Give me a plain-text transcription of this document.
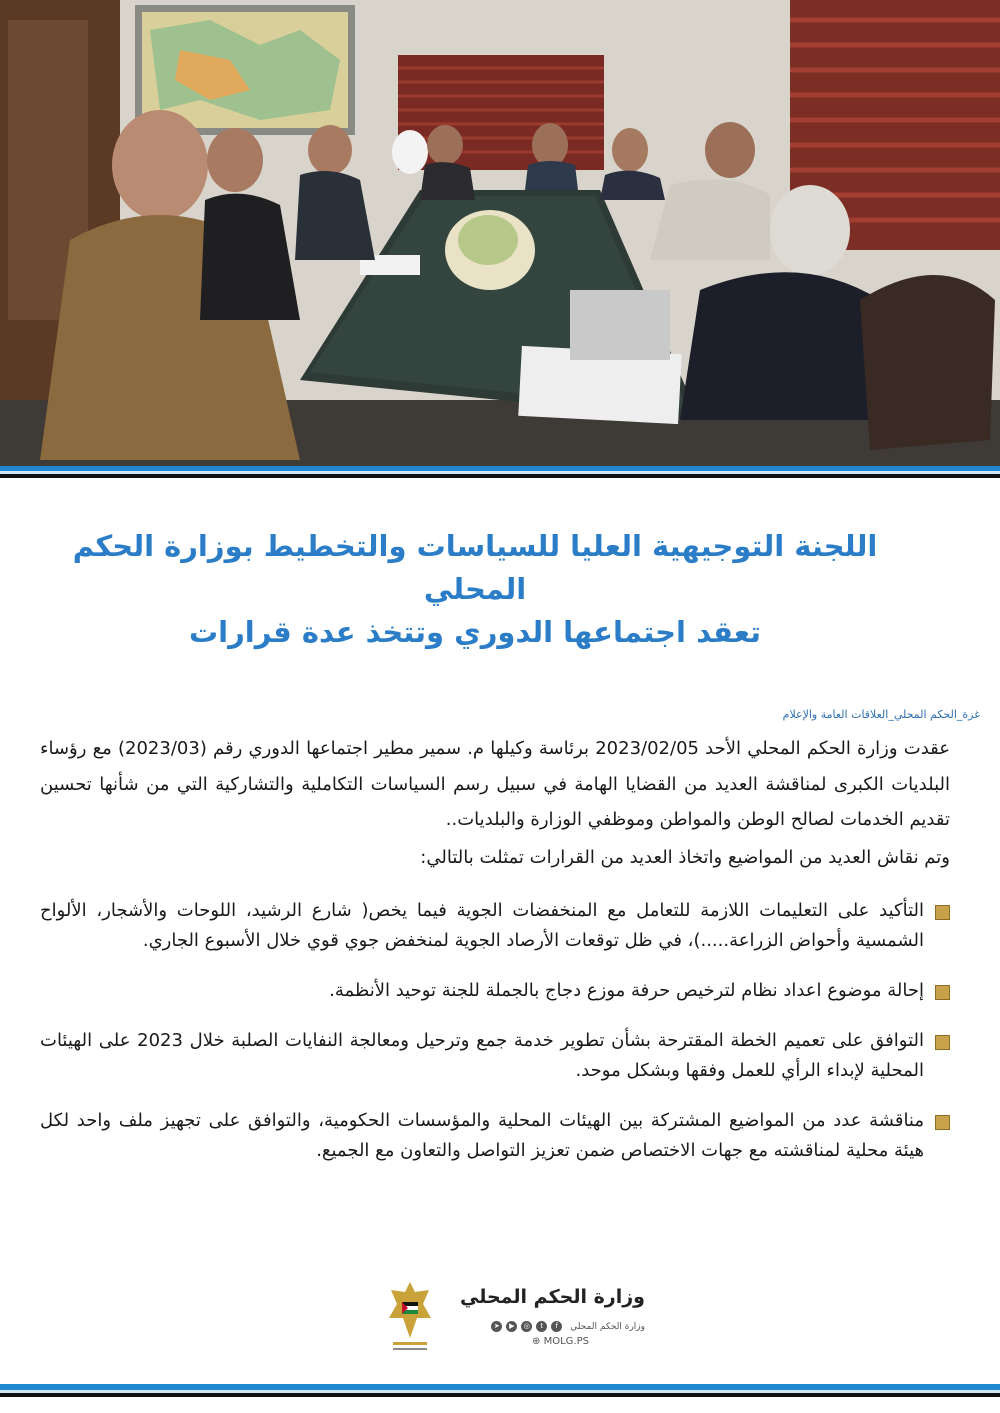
اللجنة التوجيهية العليا للسياسات والتخطيط بوزارة الحكم المحلي
تعقد اجتماعها الدوري وتتخذ عدة قرارات
غزة_الحكم المحلي_العلاقات العامة والإعلام

عقدت وزارة الحكم المحلي الأحد 2023/02/05 برئاسة وكيلها م. سمير مطير اجتماعها الدوري رقم (2023/03) مع رؤساء البلديات الكبرى لمناقشة العديد من القضايا الهامة في سبيل رسم السياسات التكاملية والتشاركية التي من شأنها تحسين تقديم الخدمات لصالح الوطن والمواطن وموظفي الوزارة والبلديات..

وتم نقاش العديد من المواضيع واتخاذ العديد من القرارات تمثلت بالتالي:

التأكيد على التعليمات اللازمة للتعامل مع المنخفضات الجوية فيما يخص( شارع الرشيد، اللوحات والأشجار، الألواح الشمسية وأحواض الزراعة.....)، في ظل توقعات الأرصاد الجوية لمنخفض جوي قوي خلال الأسبوع الجاري.
إحالة موضوع اعداد نظام لترخيص حرفة موزع دجاج بالجملة للجنة توحيد الأنظمة.
التوافق على تعميم الخطة المقترحة بشأن تطوير خدمة جمع وترحيل ومعالجة النفايات الصلبة خلال 2023 على الهيئات المحلية لإبداء الرأي للعمل وفقها وبشكل موحد.
مناقشة عدد من المواضيع المشتركة بين الهيئات المحلية والمؤسسات الحكومية، والتوافق على تجهيز ملف واحد لكل هيئة محلية لمناقشته مع جهات الاختصاص ضمن تعزيز التواصل والتعاون مع الجميع.
وزارة الحكم المحلي
وزارة الحكم المحلي
f
t
◎
▶
➤
⊕ MOLG.PS
